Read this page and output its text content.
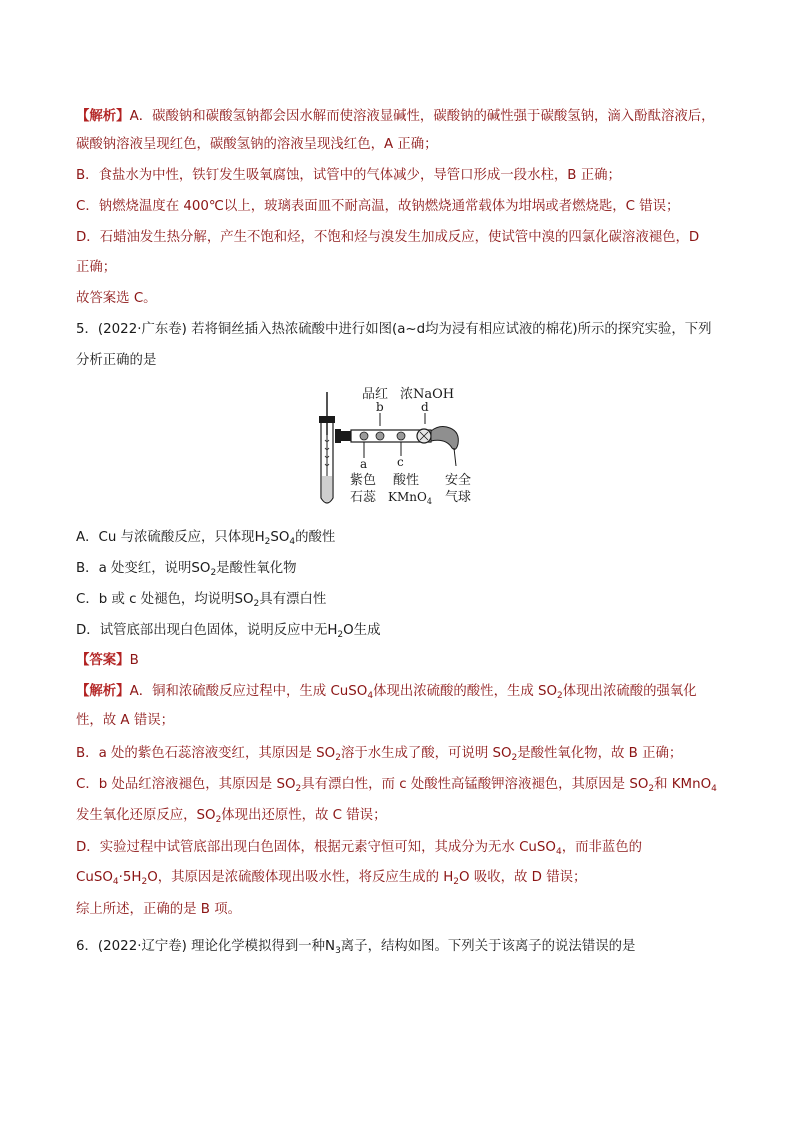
【解析】A．碳酸钠和碳酸氢钠都会因水解而使溶液显碱性，碳酸钠的碱性强于碳酸氢钠，滴入酚酞溶液后，
碳酸钠溶液呈现红色，碳酸氢钠的溶液呈现浅红色，A 正确；
B．食盐水为中性，铁钉发生吸氧腐蚀，试管中的气体减少，导管口形成一段水柱，B 正确；
C．钠燃烧温度在 400℃以上，玻璃表面皿不耐高温，故钠燃烧通常载体为坩埚或者燃烧匙，C 错误；
D．石蜡油发生热分解，产生不饱和烃，不饱和烃与溴发生加成反应，使试管中溴的四氯化碳溶液褪色，D
正确；
故答案选 C。
5．(2022·广东卷) 若将铜丝插入热浓硫酸中进行如图(a~d均为浸有相应试液的棉花)所示的探究实验，下列
分析正确的是
品红 浓NaOH
b	d
a c
紫色
石蕊
酸性
KMnO$_4$
安全
气球
A．Cu 与浓硫酸反应，只体现$H_2SO_4$的酸性
B．a 处变红，说明$SO_2$是酸性氧化物
C．b 或 c 处褪色，均说明$SO_2$具有漂白性
D．试管底部出现白色固体，说明反应中无$H_2O$生成
【答案】B
【解析】A．铜和浓硫酸反应过程中，生成 CuSO$_4$体现出浓硫酸的酸性，生成 $SO_2$体现出浓硫酸的强氧化
性，故 A 错误；
B．a 处的紫色石蕊溶液变红，其原因是 $SO_2$溶于水生成了酸，可说明 $SO_2$是酸性氧化物，故 B 正确；
C．b 处品红溶液褪色，其原因是 $SO_2$具有漂白性，而 c 处酸性高锰酸钾溶液褪色，其原因是 $SO_2$和 KMnO$_4$
发生氧化还原反应，$SO_2$体现出还原性，故 C 错误；
D．实验过程中试管底部出现白色固体，根据元素守恒可知，其成分为无水 CuSO$_4$，而非蓝色的
$CuSO_4\cdot 5H_2O$，其原因是浓硫酸体现出吸水性，将反应生成的 $H_2O$ 吸收，故 D 错误；
综上所述，正确的是 B 项。
6．(2022·辽宁卷) 理论化学模拟得到一种$N_3$离子，结构如图。下列关于该离子的说法错误的是
